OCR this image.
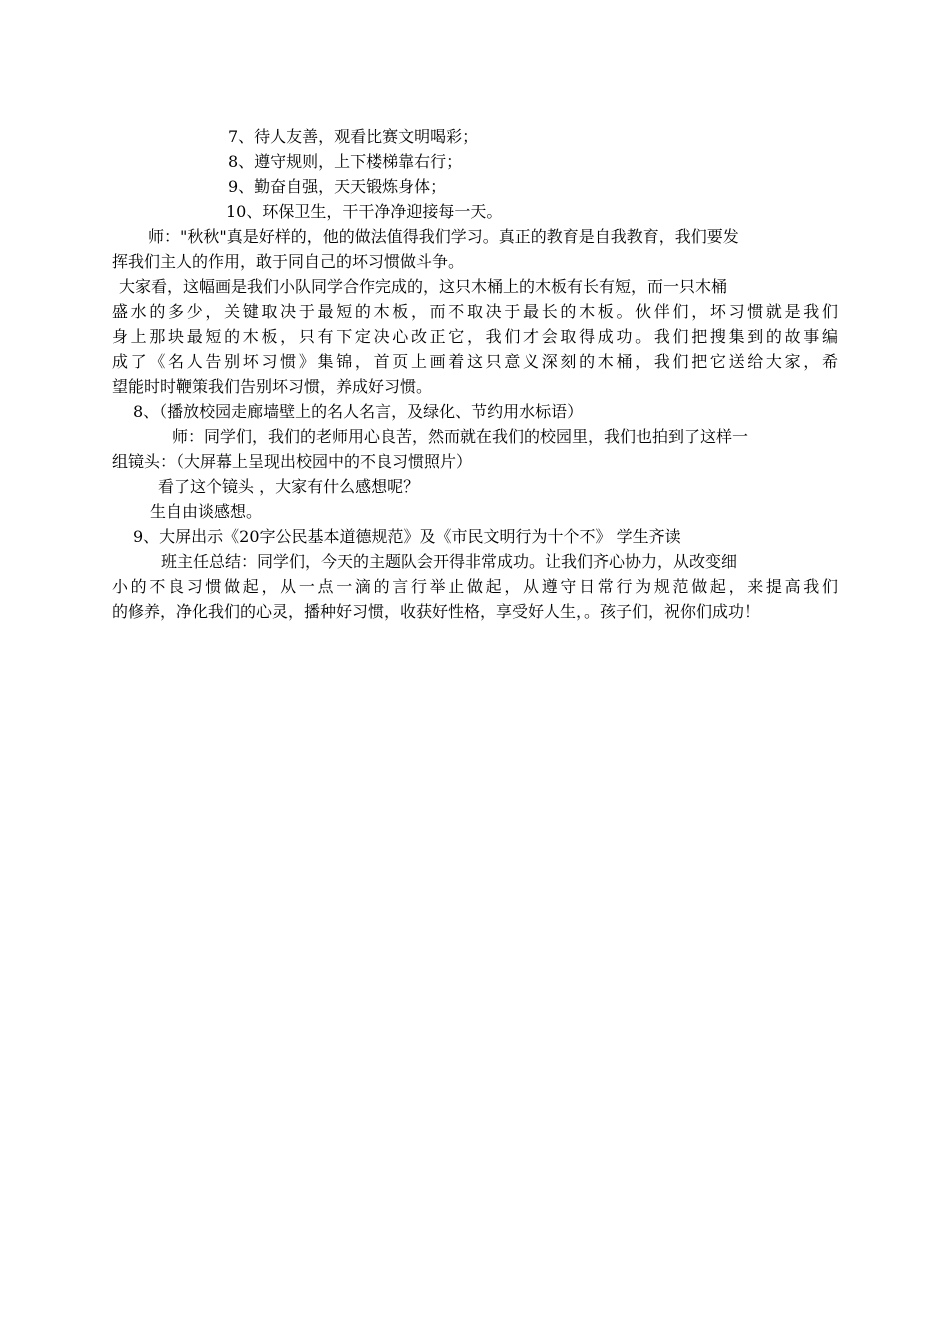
7、待人友善，观看比赛文明喝彩；
8、遵守规则，上下楼梯靠右行；
9、勤奋自强，天天锻炼身体；
10、环保卫生，干干净净迎接每一天。
师："秋秋"真是好样的，他的做法值得我们学习。真正的教育是自我教育，我们要发
挥我们主人的作用，敢于同自己的坏习惯做斗争。
大家看，这幅画是我们小队同学合作完成的，这只木桶上的木板有长有短，而一只木桶
盛水的多少，关键取决于最短的木板，而不取决于最长的木板。伙伴们，坏习惯就是我们
身上那块最短的木板，只有下定决心改正它，我们才会取得成功。我们把搜集到的故事编
成了《名人告别坏习惯》集锦，首页上画着这只意义深刻的木桶，我们把它送给大家，希
望能时时鞭策我们告别坏习惯，养成好习惯。
8、（播放校园走廊墙壁上的名人名言，及绿化、节约用水标语）
师：同学们，我们的老师用心良苦，然而就在我们的校园里，我们也拍到了这样一
组镜头：（大屏幕上呈现出校园中的不良习惯照片）
看了这个镜头 ，大家有什么感想呢？
生自由谈感想。
9、大屏出示《20字公民基本道德规范》及《市民文明行为十个不》 学生齐读
班主任总结：同学们，今天的主题队会开得非常成功。让我们齐心协力，从改变细
小的不良习惯做起，从一点一滴的言行举止做起，从遵守日常行为规范做起，来提高我们
的修养，净化我们的心灵，播种好习惯，收获好性格，享受好人生，。孩子们，祝你们成功！
